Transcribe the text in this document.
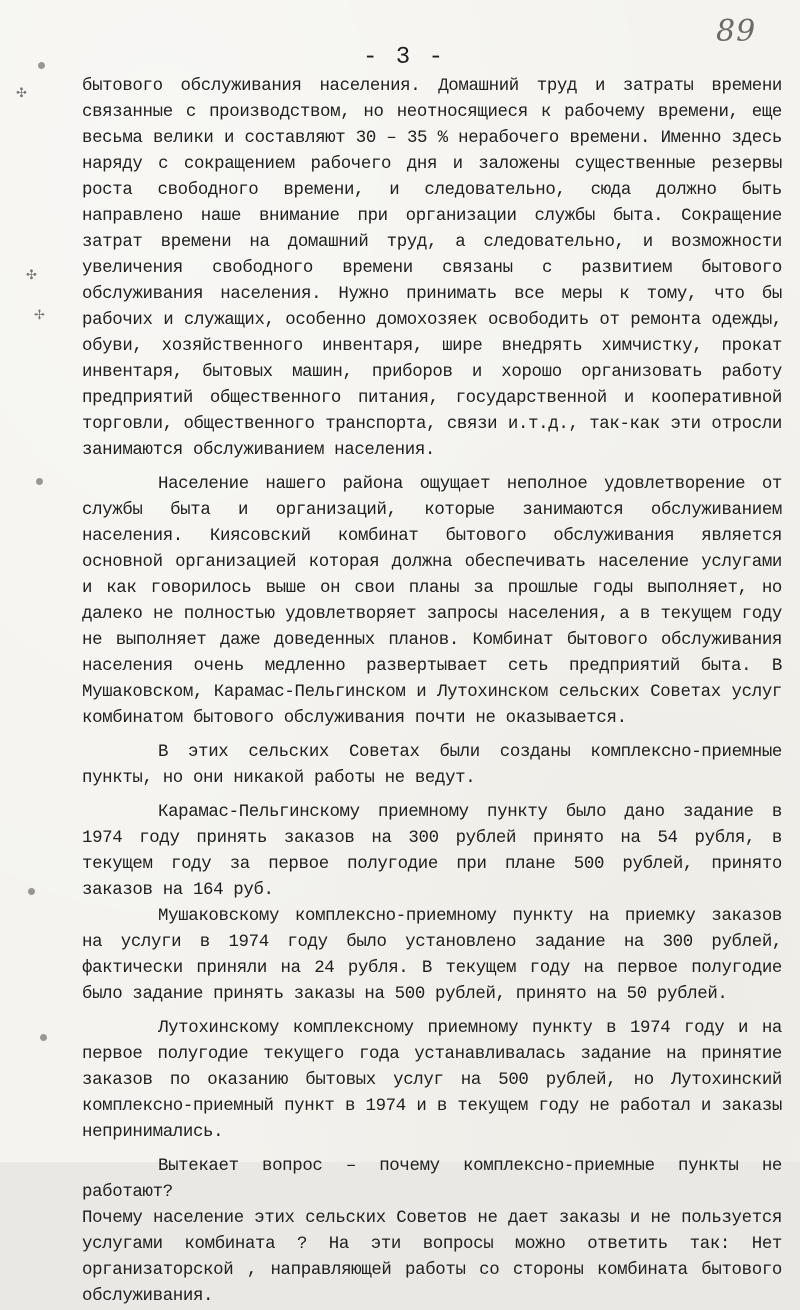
✣
✣
✢
89
- 3 -

бытового обслуживания населения. Домашний труд и затраты времени связанные с производством, но неотносящиеся к рабочему времени, еще весьма велики и составляют 30 – 35 % нерабочего времени. Именно здесь наряду с сокращением рабочего дня и заложены существенные резервы роста свободного времени, и следовательно, сюда должно быть направлено наше внимание при организации службы быта. Сокращение затрат времени на домашний труд, а следовательно, и возможности увеличения свободного времени связаны с развитием бытового обслуживания населения. Нужно принимать все меры к тому, что бы рабочих и служащих, особенно домохозяек освободить от ремонта одежды, обуви, хозяйственного инвентаря, шире внедрять химчистку, прокат инвентаря, бытовых машин, приборов и хорошо организовать работу предприятий общественного питания, государственной и кооперативной торговли, общественного транспорта, связи и.т.д., так-как эти отросли занимаются обслуживанием населения.

Население нашего района ощущает неполное удовлетворение от службы быта и организаций, которые занимаются обслуживанием населения. Киясовский комбинат бытового обслуживания является основной организацией которая должна обеспечивать население услугами и как говорилось выше он свои планы за прошлые годы выполняет, но далеко не полностью удовлетворяет запросы населения, а в текущем году не выполняет даже доведенных планов. Комбинат бытового обслуживания населения очень медленно развертывает сеть предприятий быта. В Мушаковском, Карамас-Пельгинском и Лутохинском сельских Советах услуг комбинатом бытового обслуживания почти не оказывается.

В этих сельских Советах были созданы комплексно-приемные пункты, но они никакой работы не ведут.

Карамас-Пельгинскому приемному пункту было дано задание в 1974 году принять заказов на 300 рублей принято на 54 рубля, в текущем году за первое полугодие при плане 500 рублей, принято заказов на 164 руб.

Мушаковскому комплексно-приемному пункту на приемку заказов на услуги в 1974 году было установлено задание на 300 рублей, фактически приняли на 24 рубля. В текущем году на первое полугодие было задание принять заказы на 500 рублей, принято на 50 рублей.

Лутохинскому комплексному приемному пункту в 1974 году и на первое полугодие текущего года устанавливалась задание на принятие заказов по оказанию бытовых услуг на 500 рублей, но Лутохинский комплексно-приемный пункт в 1974 и в текущем году не работал и заказы непринимались.

Вытекает вопрос – почему комплексно-приемные пункты не работают?

Почему население этих сельских Советов не дает заказы и не пользуется услугами комбината ? На эти вопросы можно ответить так: Нет организаторской , направляющей работы со стороны комбината бытового обслуживания.
